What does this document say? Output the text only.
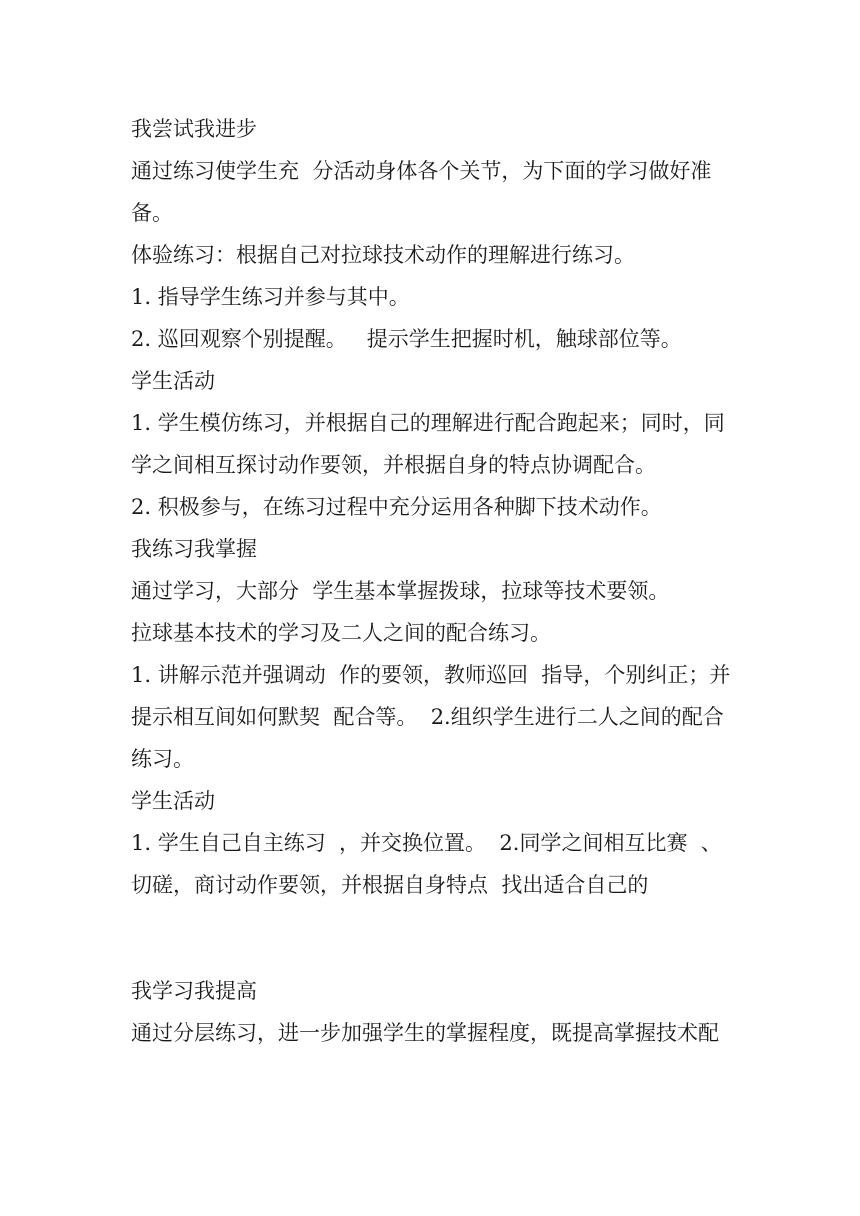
我尝试我进步

通过练习使学生充  分活动身体各个关节，为下面的学习做好准

备。

体验练习：根据自己对拉球技术动作的理解进行练习。

1. 指导学生练习并参与其中。

2. 巡回观察个别提醒。   提示学生把握时机，触球部位等。

学生活动

1. 学生模仿练习，并根据自己的理解进行配合跑起来；同时，同

学之间相互探讨动作要领，并根据自身的特点协调配合。

2. 积极参与，在练习过程中充分运用各种脚下技术动作。

我练习我掌握

通过学习，大部分  学生基本掌握拨球，拉球等技术要领。

拉球基本技术的学习及二人之间的配合练习。

1. 讲解示范并强调动  作的要领，教师巡回  指导，个别纠正；并

提示相互间如何默契  配合等。  2.组织学生进行二人之间的配合

练习。

学生活动

1. 学生自己自主练习  ，并交换位置。  2.同学之间相互比赛  、

切磋，商讨动作要领，并根据自身特点  找出适合自己的

我学习我提高

通过分层练习，进一步加强学生的掌握程度，既提高掌握技术配
